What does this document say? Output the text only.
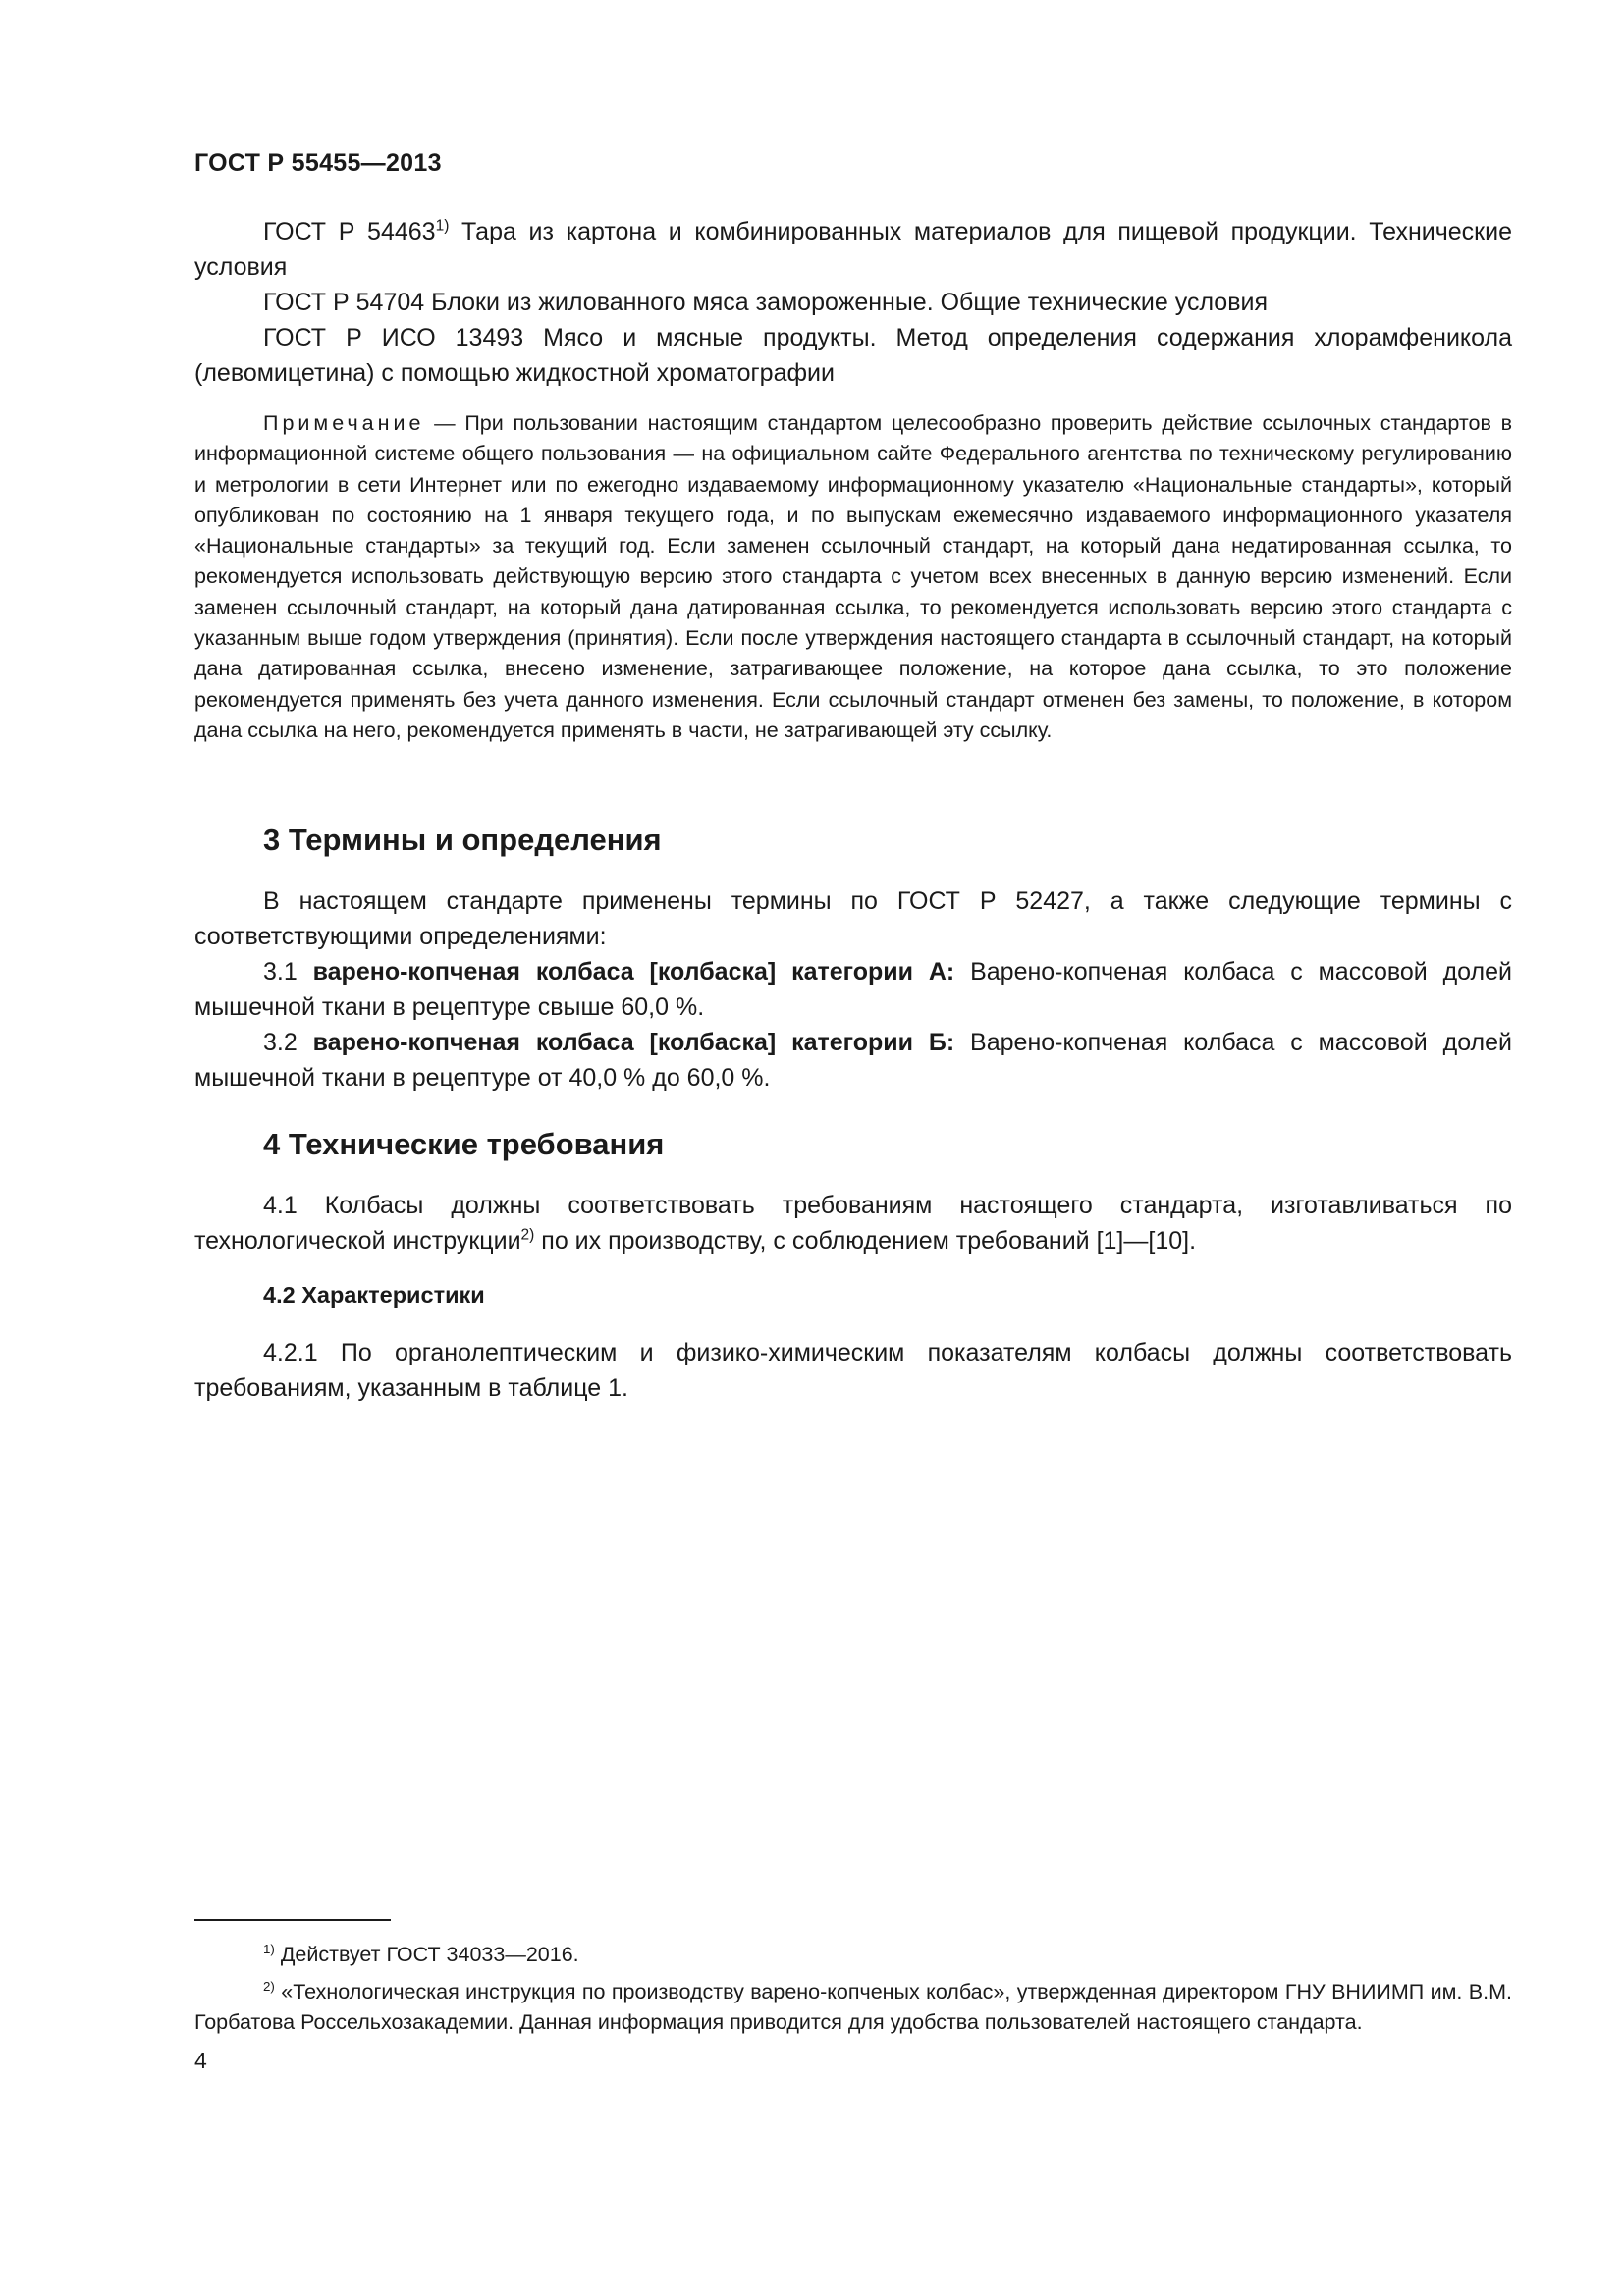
ГОСТ Р 55455—2013

ГОСТ Р 54463$^{1)}$ Тара из картона и комбинированных материалов для пищевой продукции. Технические условия

ГОСТ Р 54704 Блоки из жилованного мяса замороженные. Общие технические условия

ГОСТ Р ИСО 13493 Мясо и мясные продукты. Метод определения содержания хлорамфеникола (левомицетина) с помощью жидкостной хроматографии

Примечание — При пользовании настоящим стандартом целесообразно проверить действие ссылочных стандартов в информационной системе общего пользования — на официальном сайте Федерального агентства по техническому регулированию и метрологии в сети Интернет или по ежегодно издаваемому информационному указателю «Национальные стандарты», который опубликован по состоянию на 1 января текущего года, и по выпускам ежемесячно издаваемого информационного указателя «Национальные стандарты» за текущий год. Если заменен ссылочный стандарт, на который дана недатированная ссылка, то рекомендуется использовать действующую версию этого стандарта с учетом всех внесенных в данную версию изменений. Если заменен ссылочный стандарт, на который дана датированная ссылка, то рекомендуется использовать версию этого стандарта с указанным выше годом утверждения (принятия). Если после утверждения настоящего стандарта в ссылочный стандарт, на который дана датированная ссылка, внесено изменение, затрагивающее положение, на которое дана ссылка, то это положение рекомендуется применять без учета данного изменения. Если ссылочный стандарт отменен без замены, то положение, в котором дана ссылка на него, рекомендуется применять в части, не затрагивающей эту ссылку.

3 Термины и определения

В настоящем стандарте применены термины по ГОСТ Р 52427, а также следующие термины с соответствующими определениями:

3.1 варено-копченая колбаса [колбаска] категории А: Варено-копченая колбаса с массовой долей мышечной ткани в рецептуре свыше 60,0 %.

3.2 варено-копченая колбаса [колбаска] категории Б: Варено-копченая колбаса с массовой долей мышечной ткани в рецептуре от 40,0 % до 60,0 %.

4 Технические требования

4.1 Колбасы должны соответствовать требованиям настоящего стандарта, изготавливаться по технологической инструкции$^{2)}$ по их производству, с соблюдением требований [1]—[10].

4.2 Характеристики

4.2.1 По органолептическим и физико-химическим показателям колбасы должны соответствовать требованиям, указанным в таблице 1.

$^{1)}$ Действует ГОСТ 34033—2016.

$^{2)}$ «Технологическая инструкция по производству варено-копченых колбас», утвержденная директором ГНУ ВНИИМП им. В.М. Горбатова Россельхозакадемии. Данная информация приводится для удобства пользователей настоящего стандарта.

4
